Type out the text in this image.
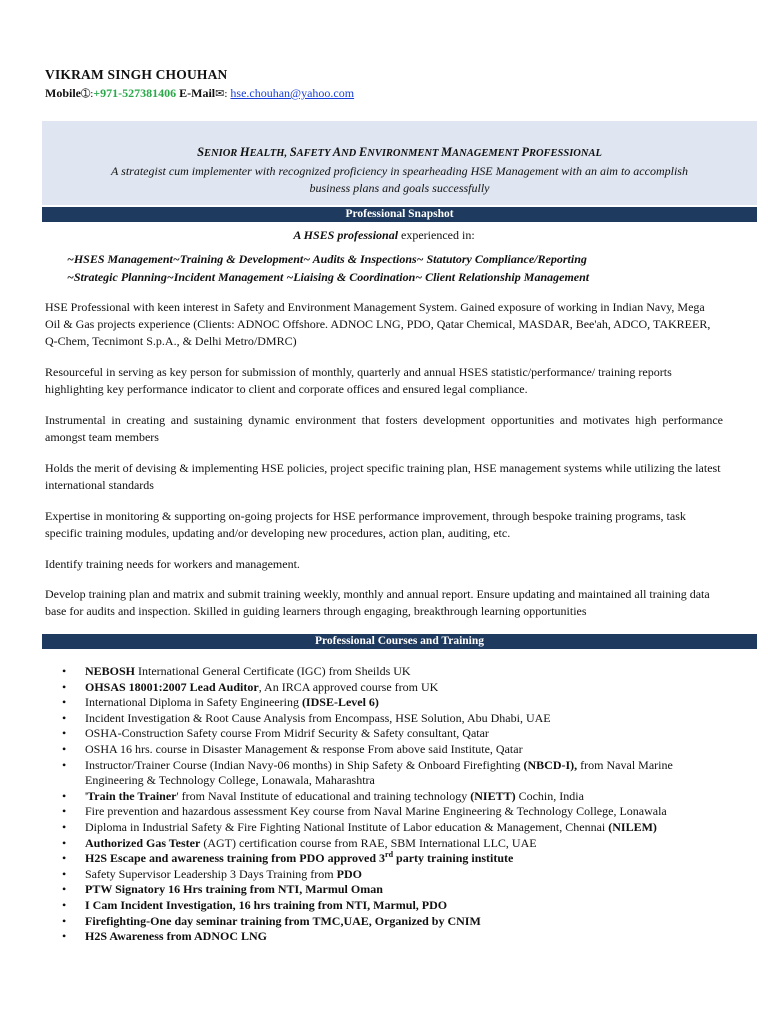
VIKRAM SINGH CHOUHAN
Mobile➀:+971-527381406 E-Mail✉: hse.chouhan@yahoo.com
SENIOR HEALTH, SAFETY AND ENVIRONMENT MANAGEMENT PROFESSIONAL
A strategist cum implementer with recognized proficiency in spearheading HSE Management with an aim to accomplish
business plans and goals successfully
Professional Snapshot
A HSES professional experienced in:
~HSES Management~Training & Development~ Audits & Inspections~ Statutory Compliance/Reporting
~Strategic Planning~Incident Management ~Liaising & Coordination~ Client Relationship Management

HSE Professional with keen interest in Safety and Environment Management System. Gained exposure of working in Indian Navy, Mega Oil & Gas projects experience (Clients: ADNOC Offshore. ADNOC LNG, PDO, Qatar Chemical, MASDAR, Bee'ah, ADCO, TAKREER, Q-Chem, Tecnimont S.p.A., & Delhi Metro/DMRC)

Resourceful in serving as key person for submission of monthly, quarterly and annual HSES statistic/performance/ training reports highlighting key performance indicator to client and corporate offices and ensured legal compliance.

Instrumental in creating and sustaining dynamic environment that fosters development opportunities and motivates high performance amongst team members

Holds the merit of devising & implementing HSE policies, project specific training plan, HSE management systems while utilizing the latest international standards

Expertise in monitoring & supporting on-going projects for HSE performance improvement, through bespoke training programs, task specific training modules, updating and/or developing new procedures, action plan, auditing, etc.

Identify training needs for workers and management.

Develop training plan and matrix and submit training weekly, monthly and annual report. Ensure updating and maintained all training data base for audits and inspection. Skilled in guiding learners through engaging, breakthrough learning opportunities

Professional Courses and Training
• NEBOSH International General Certificate (IGC) from Sheilds UK
• OHSAS 18001:2007 Lead Auditor, An IRCA approved course from UK
• International Diploma in Safety Engineering (IDSE-Level 6)
• Incident Investigation & Root Cause Analysis from Encompass, HSE Solution, Abu Dhabi, UAE
• OSHA-Construction Safety course From Midrif Security & Safety consultant, Qatar
• OSHA 16 hrs. course in Disaster Management & response From above said Institute, Qatar
• Instructor/Trainer Course (Indian Navy-06 months) in Ship Safety & Onboard Firefighting (NBCD-I), from Naval Marine Engineering & Technology College, Lonawala, Maharashtra
• 'Train the Trainer' from Naval Institute of educational and training technology (NIETT) Cochin, India
• Fire prevention and hazardous assessment Key course from Naval Marine Engineering & Technology College, Lonawala
• Diploma in Industrial Safety & Fire Fighting National Institute of Labor education & Management, Chennai (NILEM)
• Authorized Gas Tester (AGT) certification course from RAE, SBM International LLC, UAE
• H2S Escape and awareness training from PDO approved 3rd party training institute
• Safety Supervisor Leadership 3 Days Training from PDO
• PTW Signatory 16 Hrs training from NTI, Marmul Oman
• I Cam Incident Investigation, 16 hrs training from NTI, Marmul, PDO
• Firefighting-One day seminar training from TMC,UAE, Organized by CNIM
• H2S Awareness from ADNOC LNG
